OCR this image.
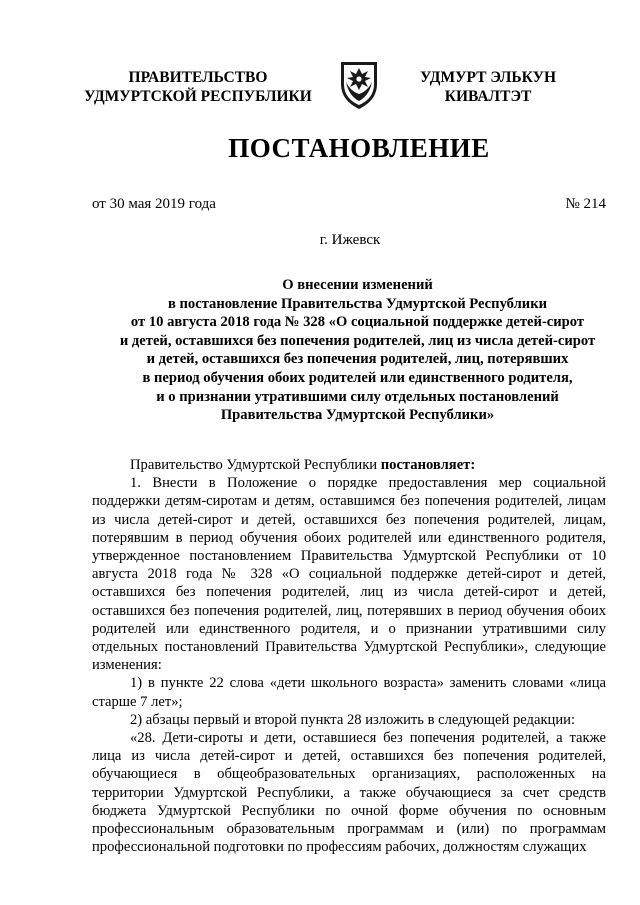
ПРАВИТЕЛЬСТВО
УДМУРТСКОЙ РЕСПУБЛИКИ
УДМУРТ ЭЛЬКУН
КИВАЛТЭТ
ПОСТАНОВЛЕНИЕ
от 30 мая 2019 года	№ 214
г. Ижевск
О внесении изменений
в постановление Правительства Удмуртской Республики
от 10 августа 2018 года № 328 «О социальной поддержке детей-сирот
и детей, оставшихся без попечения родителей, лиц из числа детей-сирот
и детей, оставшихся без попечения родителей, лиц, потерявших
в период обучения обоих родителей или единственного родителя,
и о признании утратившими силу отдельных постановлений
Правительства Удмуртской Республики»

Правительство Удмуртской Республики постановляет:

1. Внести в Положение о порядке предоставления мер социальной поддержки детям-сиротам и детям, оставшимся без попечения родителей, лицам из числа детей-сирот и детей, оставшихся без попечения родителей, лицам, потерявшим в период обучения обоих родителей или единственного родителя, утвержденное постановлением Правительства Удмуртской Республики от 10 августа 2018 года № 328 «О социальной поддержке детей-сирот и детей, оставшихся без попечения родителей, лиц из числа детей-сирот и детей, оставшихся без попечения родителей, лиц, потерявших в период обучения обоих родителей или единственного родителя, и о признании утратившими силу отдельных постановлений Правительства Удмуртской Республики», следующие изменения:

1) в пункте 22 слова «дети школьного возраста» заменить словами «лица старше 7 лет»;

2) абзацы первый и второй пункта 28 изложить в следующей редакции:

«28. Дети-сироты и дети, оставшиеся без попечения родителей, а также лица из числа детей-сирот и детей, оставшихся без попечения родителей, обучающиеся в общеобразовательных организациях, расположенных на территории Удмуртской Республики, а также обучающиеся за счет средств бюджета Удмуртской Республики по очной форме обучения по основным профессиональным образовательным программам и (или) по программам профессиональной подготовки по профессиям рабочих, должностям служащих
